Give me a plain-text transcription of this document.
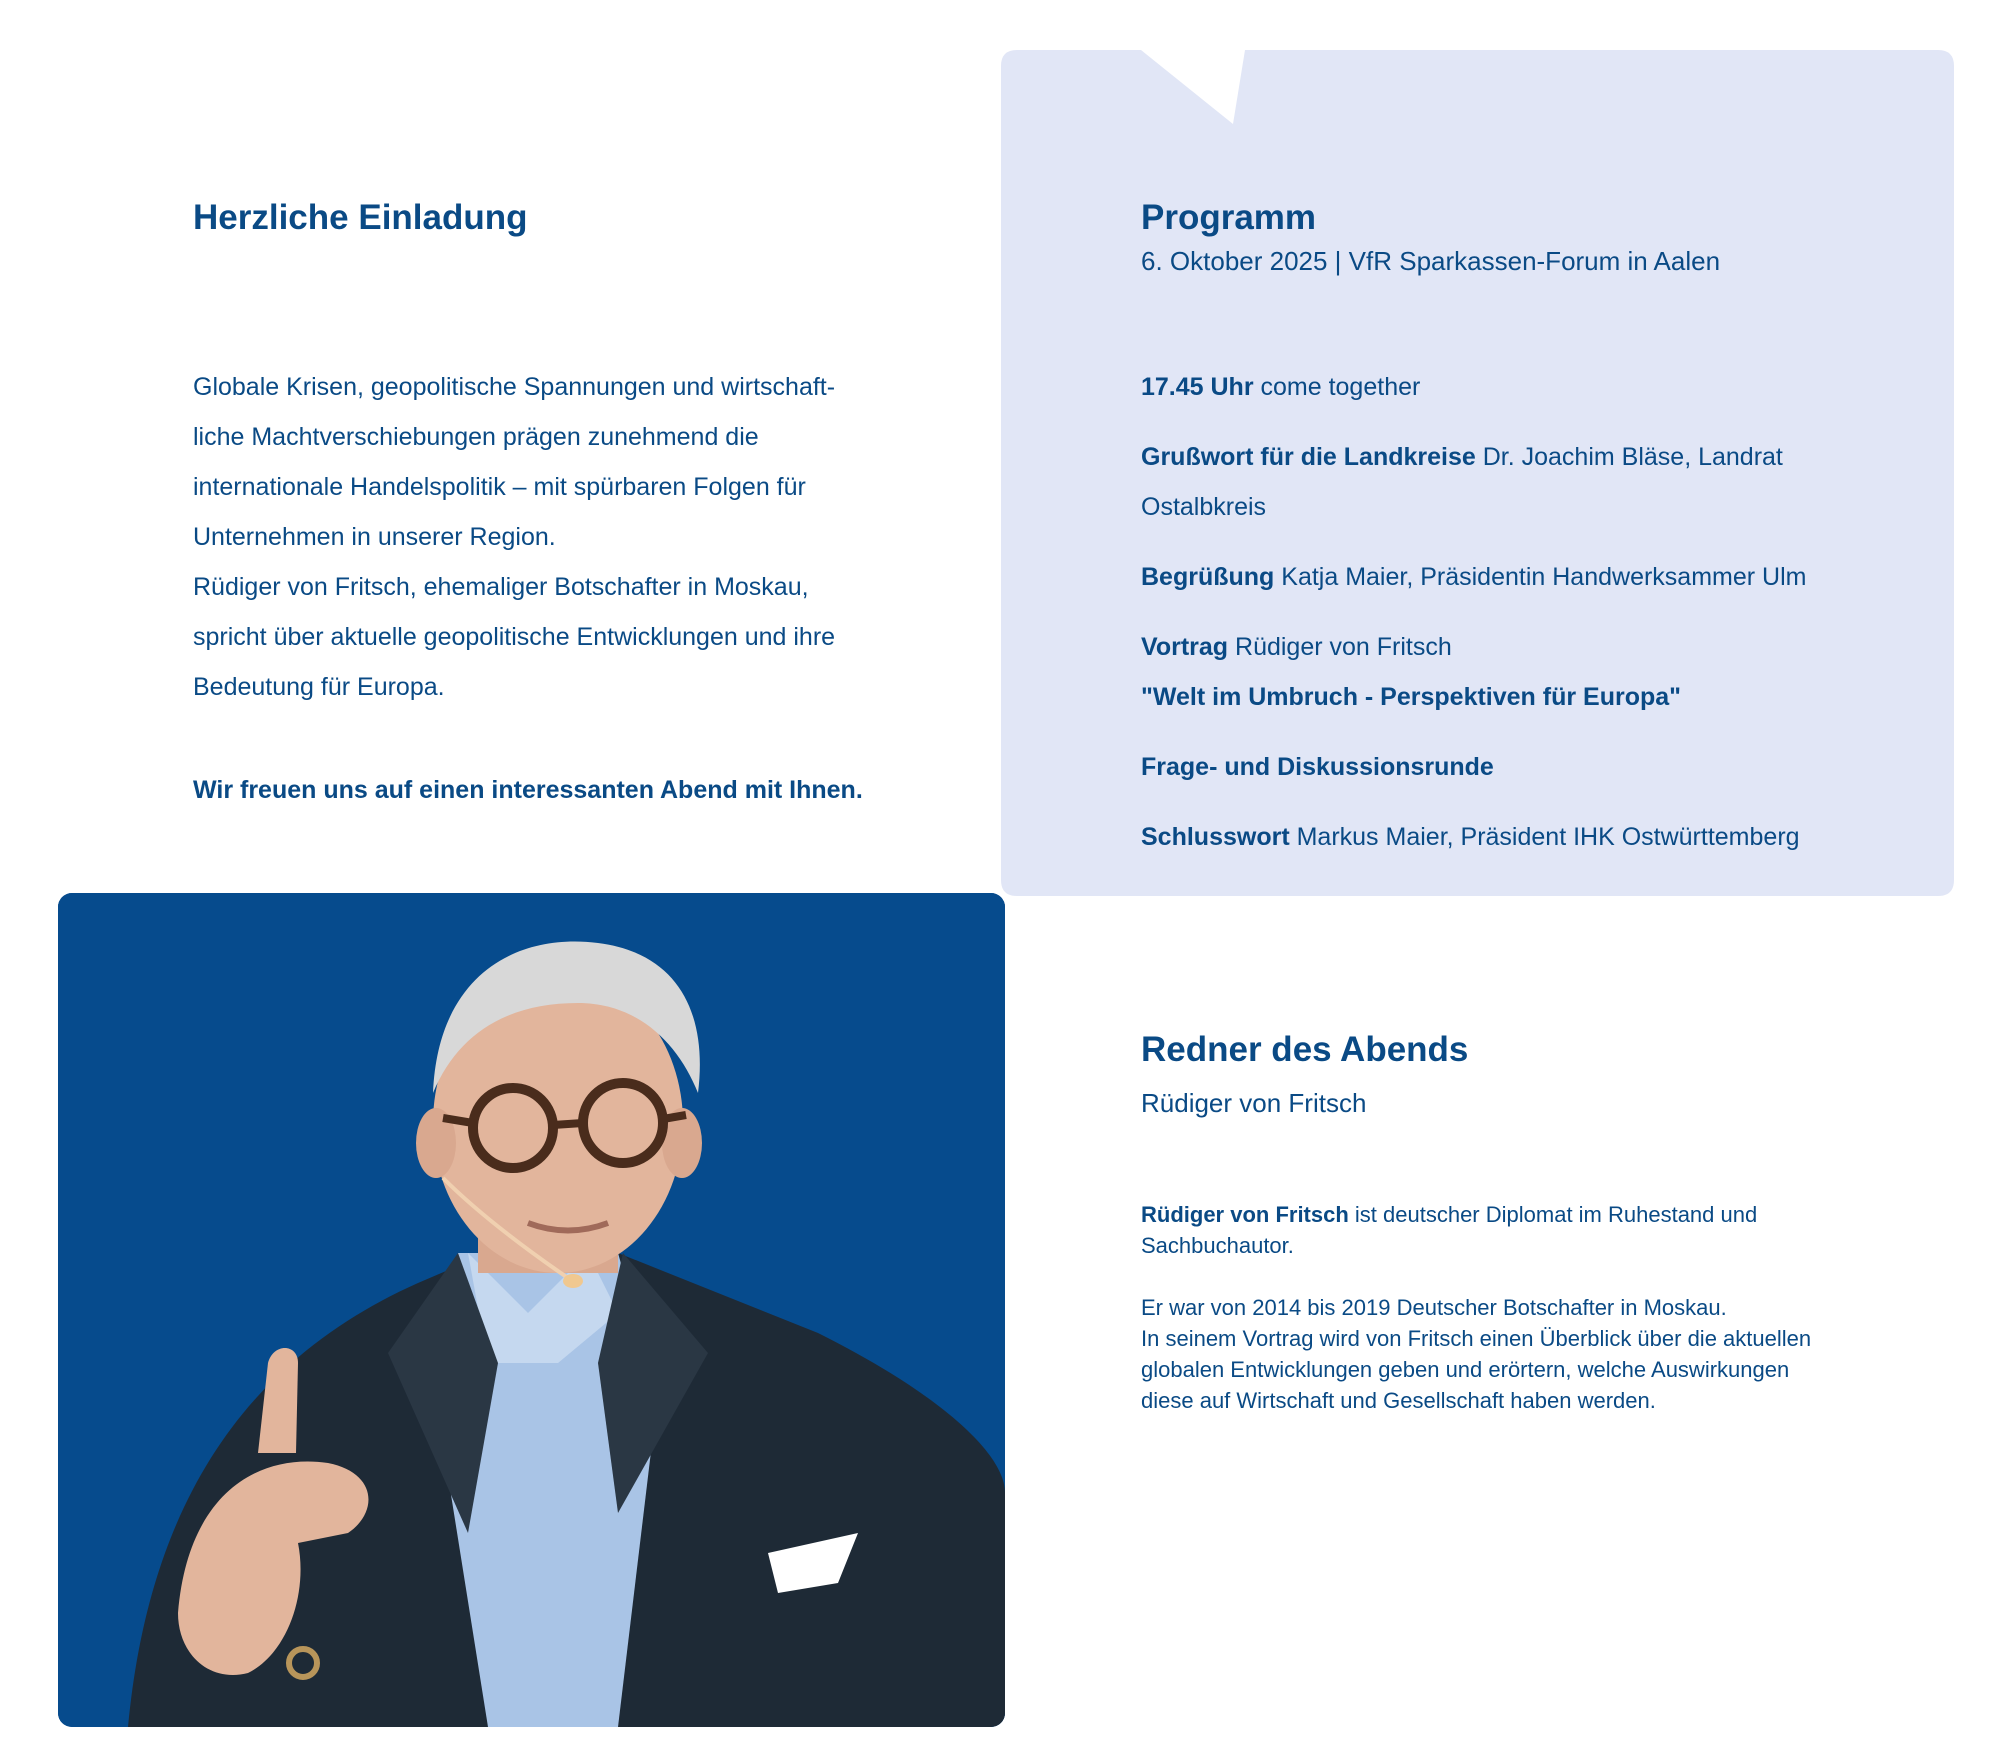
Herzliche Einladung
Globale Krisen, geopolitische Spannungen und wirtschaft-
liche Machtverschiebungen prägen zunehmend die
internationale Handelspolitik – mit spürbaren Folgen für
Unternehmen in unserer Region.
Rüdiger von Fritsch, ehemaliger Botschafter in Moskau,
spricht über aktuelle geopolitische Entwicklungen und ihre
Bedeutung für Europa.
Wir freuen uns auf einen interessanten Abend mit Ihnen.
Programm
6. Oktober 2025 | VfR Sparkassen-Forum in Aalen
17.45 Uhr come together
Grußwort für die Landkreise Dr. Joachim Bläse, Landrat Ostalbkreis
Begrüßung Katja Maier, Präsidentin Handwerksammer Ulm
Vortrag Rüdiger von Fritsch
"Welt im Umbruch - Perspektiven für Europa"
Frage- und Diskussionsrunde
Schlusswort Markus Maier, Präsident IHK Ostwürttemberg
Redner des Abends
Rüdiger von Fritsch

Rüdiger von Fritsch ist deutscher Diplomat im Ruhestand und

Sachbuchautor.

Er war von 2014 bis 2019 Deutscher Botschafter in Moskau.

In seinem Vortrag wird von Fritsch einen Überblick über die aktuellen

globalen Entwicklungen geben und erörtern, welche Auswirkungen

diese auf Wirtschaft und Gesellschaft haben werden.
